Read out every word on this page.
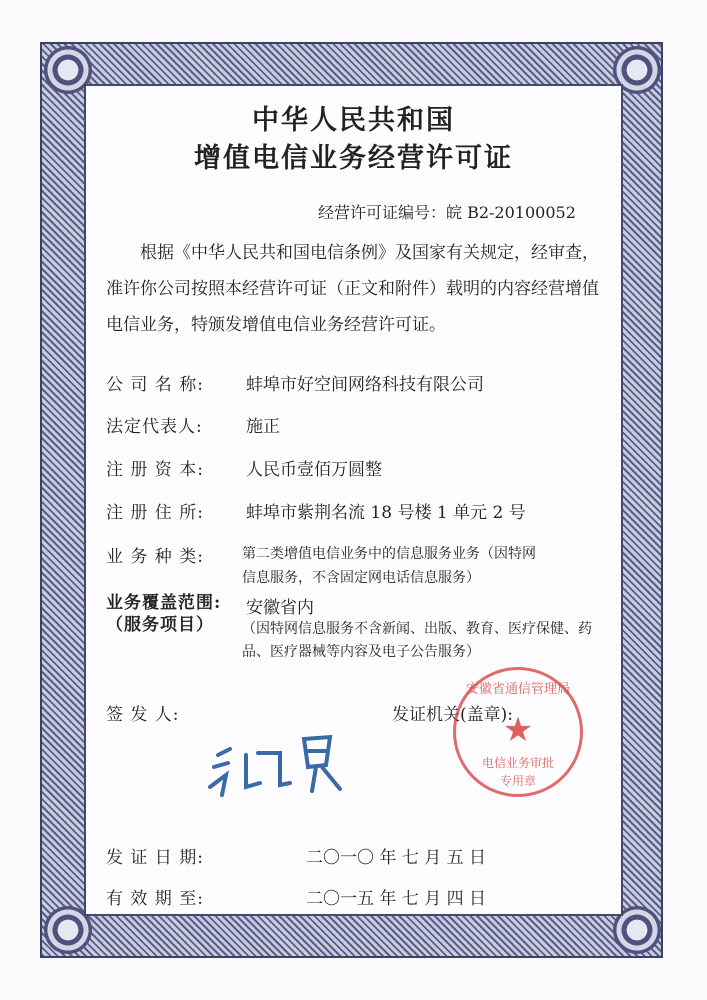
中华人民共和国
增值电信业务经营许可证
经营许可证编号：皖 B2-20100052
根据《中华人民共和国电信条例》及国家有关规定，经审查，准许你公司按照本经营许可证（正文和附件）载明的内容经营增值电信业务，特颁发增值电信业务经营许可证。
公 司 名 称: 蚌埠市好空间网络科技有限公司
法定代表人:	施正
注 册 资 本: 人民币壹佰万圆整
注 册 住 所: 蚌埠市紫荆名流 18 号楼 1 单元 2 号
业 务 种 类:	第二类增值电信业务中的信息服务业务（因特网
信息服务，不含固定网电话信息服务）
业务覆盖范围:
（服务项目）
安徽省内
（因特网信息服务不含新闻、出版、教育、医疗保健、药
品、医疗器械等内容及电子公告服务）
签 发 人:	发证机关(盖章):
安徽省通信管理局
★
电信业务审批
专用章
发 证 日 期:	二〇一〇 年 七 月 五 日
有 效 期 至:	二〇一五 年 七 月 四 日
